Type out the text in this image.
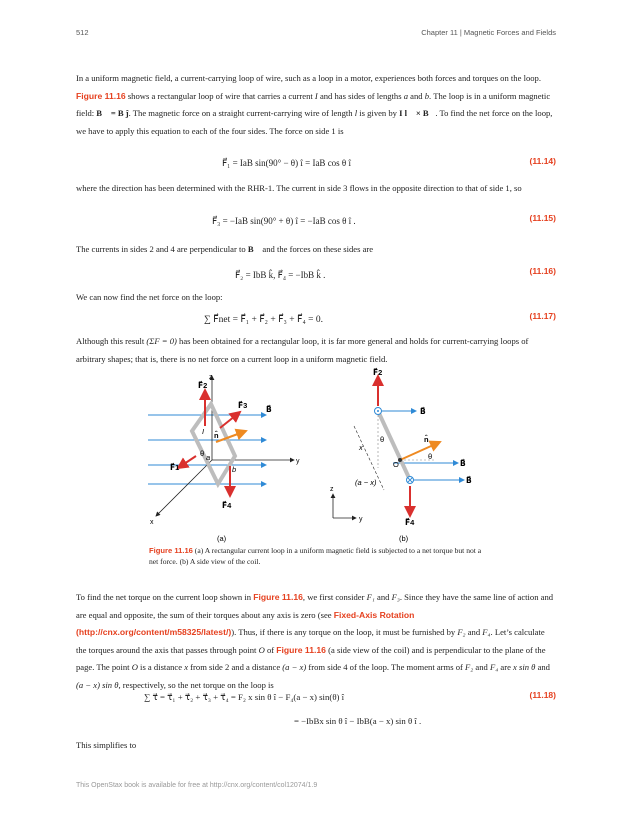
512	Chapter 11 | Magnetic Forces and Fields
In a uniform magnetic field, a current-carrying loop of wire, such as a loop in a motor, experiences both forces and torques on the loop. Figure 11.16 shows a rectangular loop of wire that carries a current I and has sides of lengths a and b. The loop is in a uniform magnetic field: B⃗ = B ĵ. The magnetic force on a straight current-carrying wire of length l is given by I l⃗ × B⃗. To find the net force on the loop, we have to apply this equation to each of the four sides. The force on side 1 is
F⃗₁ = IaB sin(90° − θ) î = IaB cos θ î	(11.14)
where the direction has been determined with the RHR-1. The current in side 3 flows in the opposite direction to that of side 1, so
F⃗₃ = −IaB sin(90° + θ) î = −IaB cos θ î .	(11.15)
The currents in sides 2 and 4 are perpendicular to B⃗ and the forces on these sides are
F⃗₂ = IbB k̂, F⃗₄ = −IbB k̂ .	(11.16)
We can now find the net force on the loop:
∑ F⃗net = F⃗₁ + F⃗₂ + F⃗₃ + F⃗₄ = 0.	(11.17)
Although this result (ΣF = 0) has been obtained for a rectangular loop, it is far more general and holds for current-carrying loops of arbitrary shapes; that is, there is no net force on a current loop in a uniform magnetic field.
z
y
x
F⃗2
F⃗3 B⃗
F⃗1
F⃗4
n̂
I
θ a
b
(a)
F⃗2
B⃗
n̂
x
θ
θ
O	B⃗
B⃗
(a − x)
F⃗4
z
y
(b)
Figure 11.16 (a) A rectangular current loop in a uniform magnetic field is subjected to a net torque but not a net force. (b) A side view of the coil.
To find the net torque on the current loop shown in Figure 11.16, we first consider F₁ and F₃. Since they have the same line of action and are equal and opposite, the sum of their torques about any axis is zero (see Fixed-Axis Rotation (http://cnx.org/content/m58325/latest/)). Thus, if there is any torque on the loop, it must be furnished by F₂ and F₄. Let’s calculate the torques around the axis that passes through point O of Figure 11.16 (a side view of the coil) and is perpendicular to the plane of the page. The point O is a distance x from side 2 and a distance (a − x) from side 4 of the loop. The moment arms of F₂ and F₄ are x sin θ and (a − x) sin θ, respectively, so the net torque on the loop is
∑ τ⃗ = τ⃗₁ + τ⃗₂ + τ⃗₃ + τ⃗₄ = F₂ x sin θ î − F₄(a − x) sin(θ) î
= −IbBx sin θ î − IbB(a − x) sin θ î .
(11.18)
This simplifies to
This OpenStax book is available for free at http://cnx.org/content/col12074/1.9
